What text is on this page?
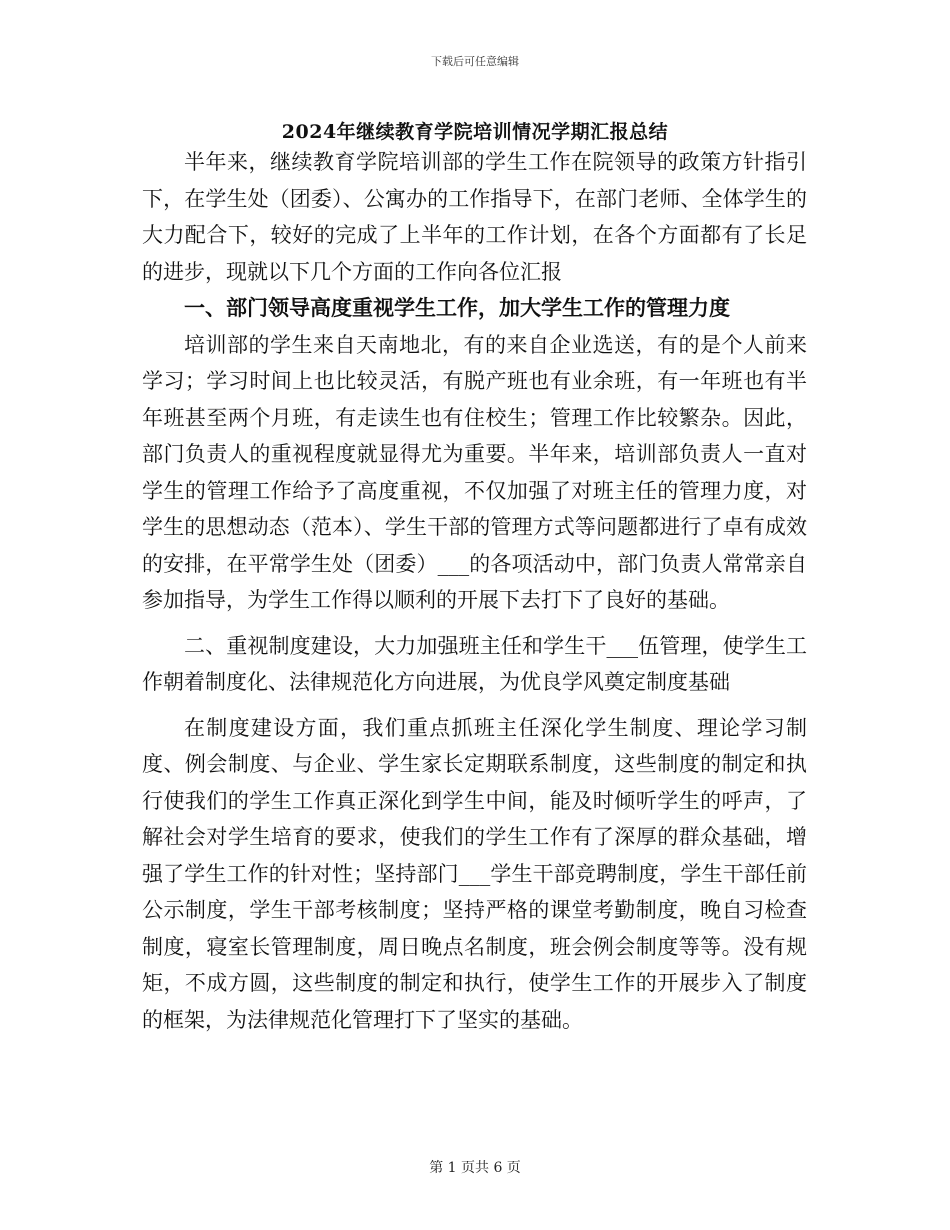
下载后可任意编辑
2024年继续教育学院培训情况学期汇报总结

半年来，继续教育学院培训部的学生工作在院领导的政策方针指引下，在学生处（团委）、公寓办的工作指导下，在部门老师、全体学生的大力配合下，较好的完成了上半年的工作计划，在各个方面都有了长足的进步，现就以下几个方面的工作向各位汇报

一、部门领导高度重视学生工作，加大学生工作的管理力度

培训部的学生来自天南地北，有的来自企业选送，有的是个人前来学习；学习时间上也比较灵活，有脱产班也有业余班，有一年班也有半年班甚至两个月班，有走读生也有住校生；管理工作比较繁杂。因此，部门负责人的重视程度就显得尤为重要。半年来，培训部负责人一直对学生的管理工作给予了高度重视，不仅加强了对班主任的管理力度，对学生的思想动态（范本）、学生干部的管理方式等问题都进行了卓有成效的安排，在平常学生处（团委）___的各项活动中，部门负责人常常亲自参加指导，为学生工作得以顺利的开展下去打下了良好的基础。

二、重视制度建设，大力加强班主任和学生干___伍管理，使学生工作朝着制度化、法律规范化方向进展，为优良学风奠定制度基础

在制度建设方面，我们重点抓班主任深化学生制度、理论学习制度、例会制度、与企业、学生家长定期联系制度，这些制度的制定和执行使我们的学生工作真正深化到学生中间，能及时倾听学生的呼声，了解社会对学生培育的要求，使我们的学生工作有了深厚的群众基础，增强了学生工作的针对性；坚持部门___学生干部竞聘制度，学生干部任前公示制度，学生干部考核制度；坚持严格的课堂考勤制度，晚自习检查制度，寝室长管理制度，周日晚点名制度，班会例会制度等等。没有规矩，不成方圆，这些制度的制定和执行，使学生工作的开展步入了制度的框架，为法律规范化管理打下了坚实的基础。

第 1 页共 6 页
